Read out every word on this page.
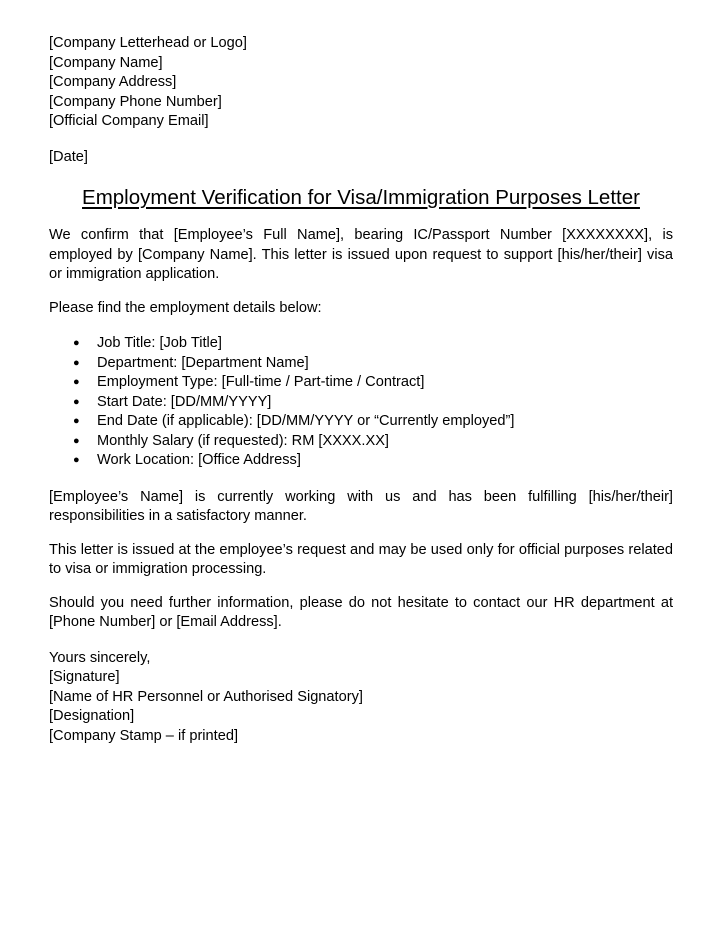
[Company Letterhead or Logo]
[Company Name]
[Company Address]
[Company Phone Number]
[Official Company Email]
[Date]
Employment Verification for Visa/Immigration Purposes Letter

We confirm that [Employee’s Full Name], bearing IC/Passport Number [XXXXXXXX], is employed by [Company Name]. This letter is issued upon request to support [his/her/their] visa or immigration application.

Please find the employment details below:

● Job Title: [Job Title]
● Department: [Department Name]
● Employment Type: [Full-time / Part-time / Contract]
● Start Date: [DD/MM/YYYY]
● End Date (if applicable): [DD/MM/YYYY or “Currently employed”]
● Monthly Salary (if requested): RM [XXXX.XX]
● Work Location: [Office Address]

[Employee’s Name] is currently working with us and has been fulfilling [his/her/their] responsibilities in a satisfactory manner.

This letter is issued at the employee’s request and may be used only for official purposes related to visa or immigration processing.

Should you need further information, please do not hesitate to contact our HR department at [Phone Number] or [Email Address].

Yours sincerely,
[Signature]
[Name of HR Personnel or Authorised Signatory]
[Designation]
[Company Stamp – if printed]
